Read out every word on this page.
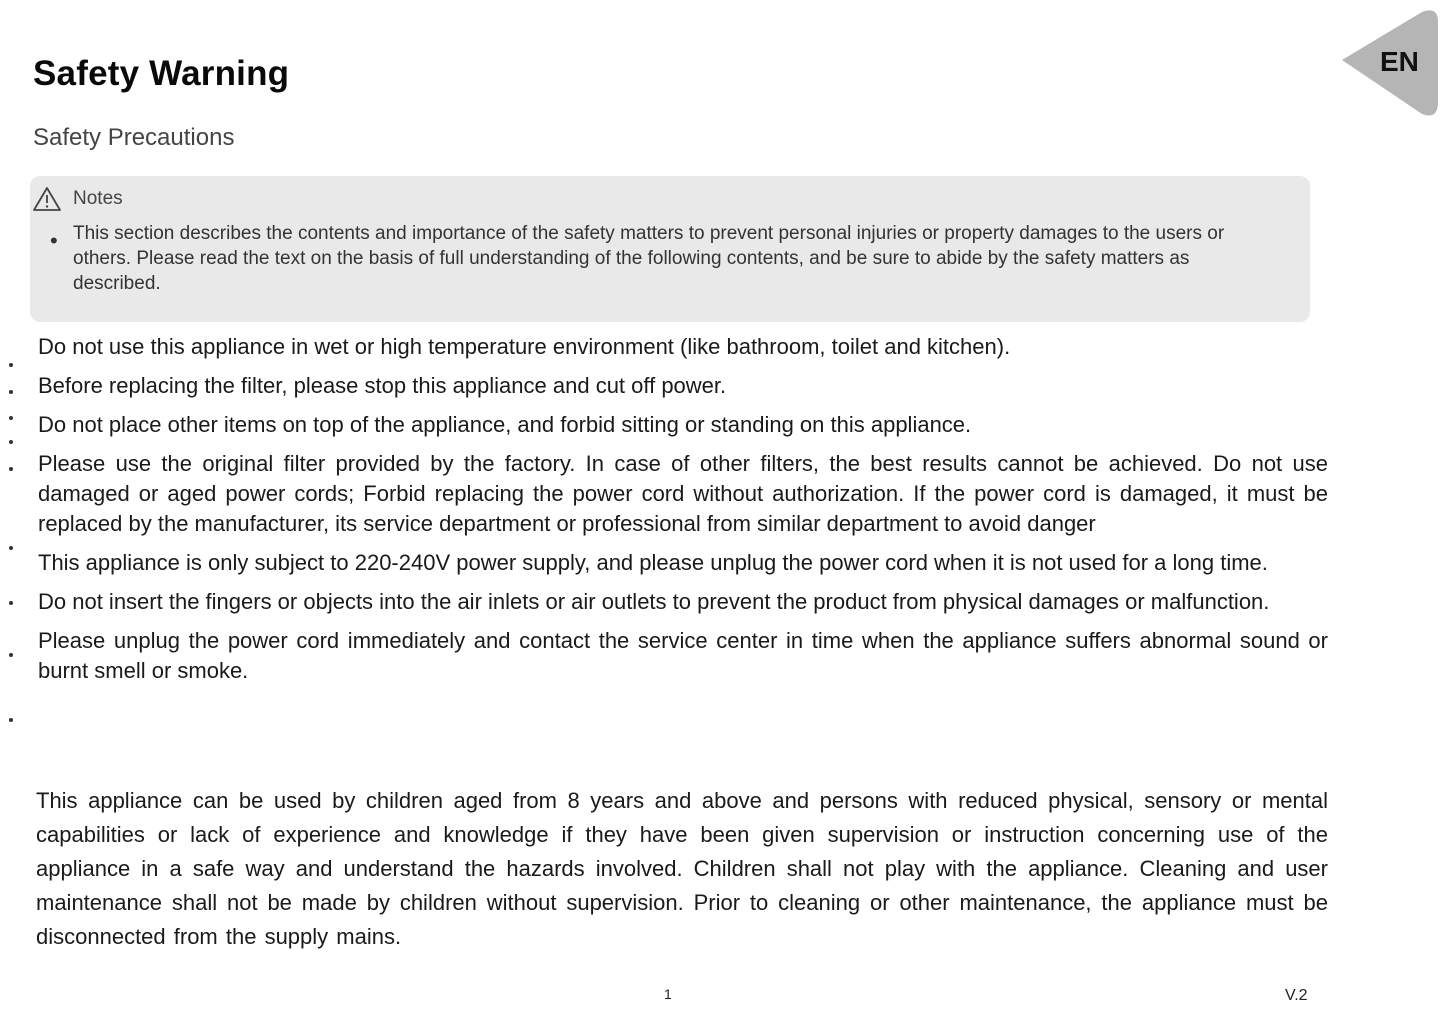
EN
Safety Warning
Safety Precautions
Notes
• This section describes the contents and importance of the safety matters to prevent personal injuries or property damages to the users or others. Please read the text on the basis of full understanding of the following contents, and be sure to abide by the safety matters as described.
Do not use this appliance in wet or high temperature environment (like bathroom, toilet and kitchen).
Before replacing the filter, please stop this appliance and cut off power.
Do not place other items on top of the appliance, and forbid sitting or standing on this appliance.
Please use the original filter provided by the factory. In case of other filters, the best results cannot be achieved. Do not use damaged or aged power cords; Forbid replacing the power cord without authorization. If the power cord is damaged, it must be replaced by the manufacturer, its service department or professional from similar department to avoid danger
This appliance is only subject to 220-240V power supply, and please unplug the power cord when it is not used for a long time.
Do not insert the fingers or objects into the air inlets or air outlets to prevent the product from physical damages or malfunction.
Please unplug the power cord immediately and contact the service center in time when the appliance suffers abnormal sound or burnt smell or smoke.
This appliance can be used by children aged from 8 years and above and persons with reduced physical, sensory or mental capabilities or lack of experience and knowledge if they have been given supervision or instruction concerning use of the appliance in a safe way and understand the hazards involved. Children shall not play with the appliance. Cleaning and user maintenance shall not be made by children without supervision. Prior to cleaning or other maintenance, the appliance must be disconnected from the supply mains.
1	V.2
